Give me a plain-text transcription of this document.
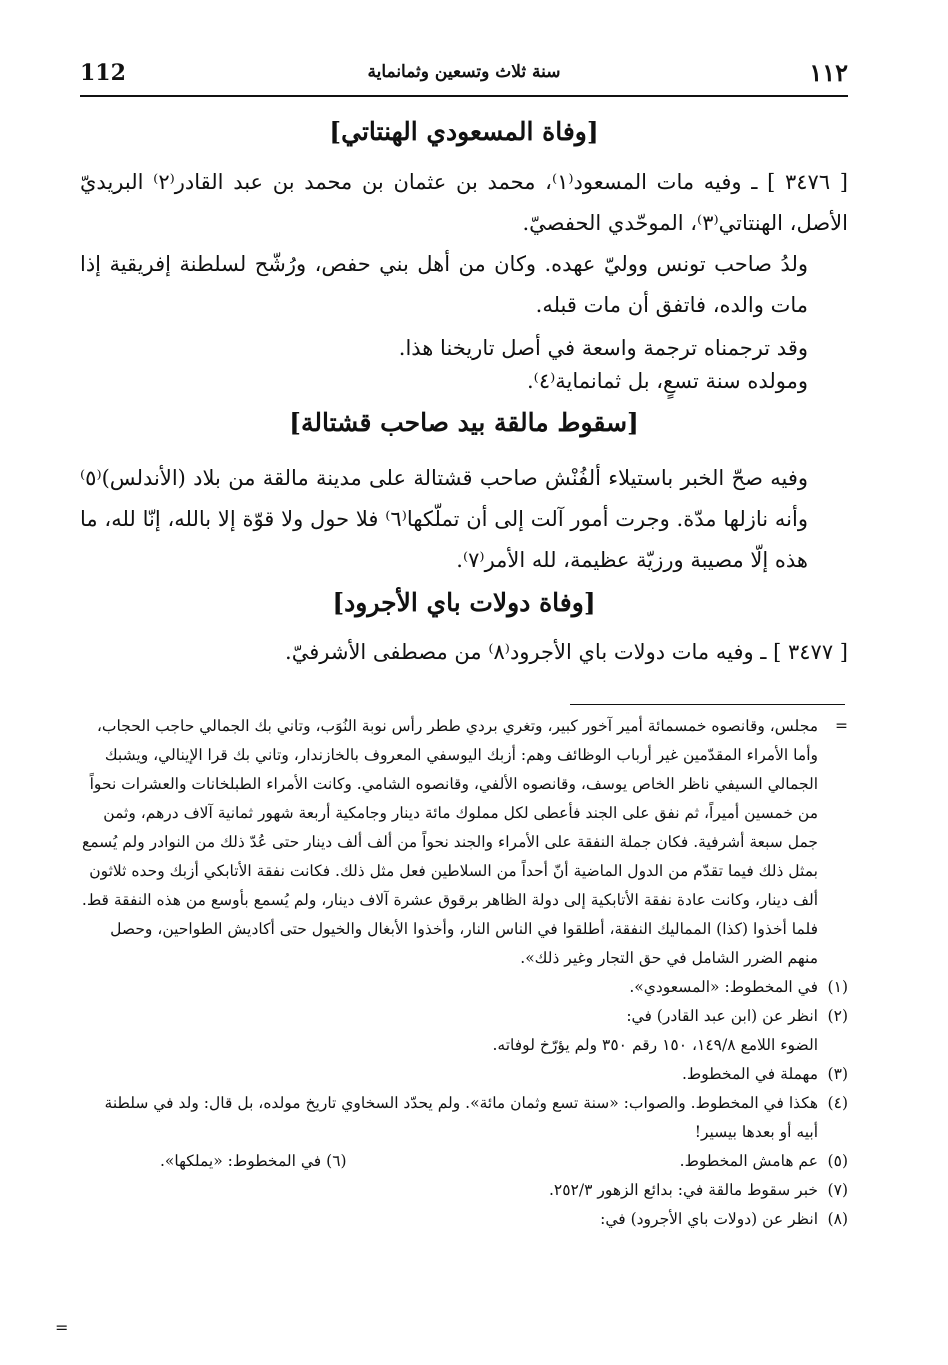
112	سنة ثلاث وتسعين وثمانماية	١١٢
[وفاة المسعودي الهنتاتي]

[ ٣٤٧٦ ] ـ وفيه مات المسعود⁽١⁾، محمد بن عثمان بن محمد بن عبد القادر⁽٢⁾ البريديّ الأصل، الهنتاتي⁽٣⁾، الموحّدي الحفصيّ.

ولدُ صاحب تونس ووليّ عهده. وكان من أهل بني حفص، ورُشّح لسلطنة إفريقية إذا مات والده، فاتفق أن مات قبله.

وقد ترجمناه ترجمة واسعة في أصل تاريخنا هذا.

ومولده سنة تسعٍ، بل ثمانماية⁽٤⁾.

[سقوط مالقة بيد صاحب قشتالة]

وفيه صحّ الخبر باستيلاء ألفُنْش صاحب قشتالة على مدينة مالقة من بلاد (الأندلس)⁽٥⁾ وأنه نازلها مدّة. وجرت أمور آلت إلى أن تملّكها⁽٦⁾ فلا حول ولا قوّة إلا بالله، إنّا لله، ما هذه إلّا مصيبة ورزيّة عظيمة، لله الأمر⁽٧⁾.

[وفاة دولات باي الأجرود]

[ ٣٤٧٧ ] ـ وفيه مات دولات باي الأجرود⁽٨⁾ من مصطفى الأشرفيّ.

=
مجلس، وقانصوه خمسمائة أمير آخور كبير، وتغري بردي ططر رأس نوبة النُوَب، وتاني بك الجمالي حاجب الحجاب، وأما الأمراء المقدّمين غير أرباب الوظائف وهم: أزبك اليوسفي المعروف بالخازندار، وتاني بك قرا الإينالي، ويشبك الجمالي السيفي ناظر الخاص يوسف، وقانصوه الألفي، وقانصوه الشامي. وكانت الأمراء الطبلخانات والعشرات نحواً من خمسين أميراً، ثم نفق على الجند فأعطى لكل مملوك مائة دينار وجامكية أربعة شهور ثمانية آلاف درهم، وثمن جمل سبعة أشرفية. فكان جملة النفقة على الأمراء والجند نحواً من ألف ألف دينار حتى عُدّ ذلك من النوادر ولم يُسمع بمثل ذلك فيما تقدّم من الدول الماضية أنّ أحداً من السلاطين فعل مثل ذلك. فكانت نفقة الأتابكي أزبك وحده ثلاثون ألف دينار، وكانت عادة نفقة الأتابكية إلى دولة الظاهر برقوق عشرة آلاف دينار، ولم يُسمع بأوسع من هذه النفقة قط. فلما أخذوا (كذا) المماليك النفقة، أطلقوا في الناس النار، وأخذوا الأبغال والخيول حتى أكاديش الطواحين، وحصل منهم الضرر الشامل في حق التجار وغير ذلك».

(١)
في المخطوط: «المسعودي».

(٢)
انظر عن (ابن عبد القادر) في:
الضوء اللامع ١٤٩/٨، ١٥٠ رقم ٣٥٠ ولم يؤرّخ لوفاته.

(٣)
مهملة في المخطوط.

(٤)
هكذا في المخطوط. والصواب: «سنة تسع وثمان مائة». ولم يحدّد السخاوي تاريخ مولده، بل قال: ولد في سلطنة أبيه أو بعدها بيسير!

(٥)
عم هامش المخطوط.
(٦) في المخطوط: «يملكها».

(٧)
خبر سقوط مالقة في: بدائع الزهور ٢٥٢/٣.

(٨)
انظر عن (دولات باي الأجرود) في:

=
